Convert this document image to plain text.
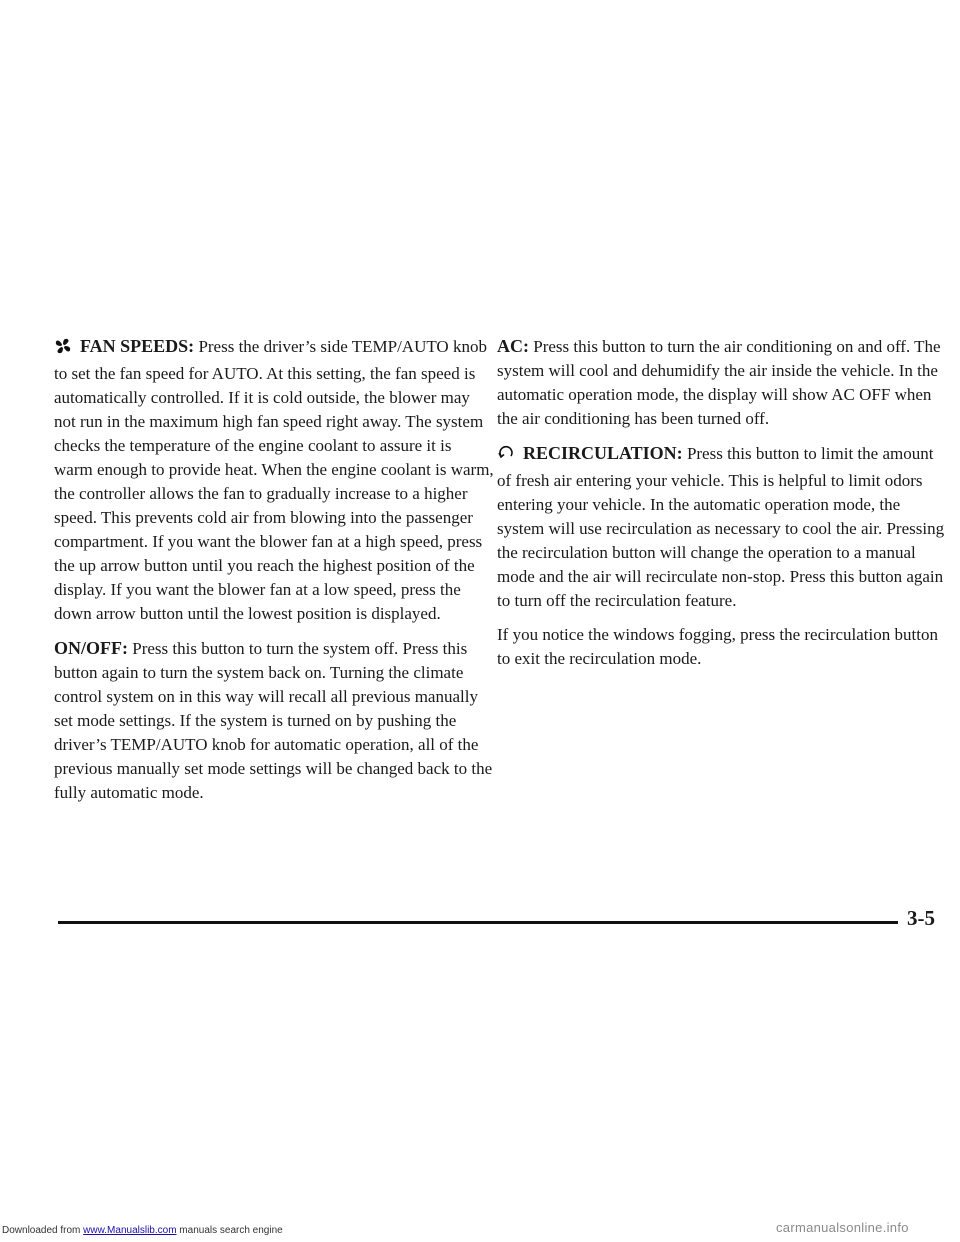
FAN SPEEDS: Press the driver’s side TEMP/AUTO knob to set the fan speed for AUTO. At this setting, the fan speed is automatically controlled. If it is cold outside, the blower may not run in the maximum high fan speed right away. The system checks the temperature of the engine coolant to assure it is warm enough to provide heat. When the engine coolant is warm, the controller allows the fan to gradually increase to a higher speed. This prevents cold air from blowing into the passenger compartment. If you want the blower fan at a high speed, press the up arrow button until you reach the highest position of the display. If you want the blower fan at a low speed, press the down arrow button until the lowest position is displayed.

ON/OFF: Press this button to turn the system off. Press this button again to turn the system back on. Turning the climate control system on in this way will recall all previous manually set mode settings. If the system is turned on by pushing the driver’s TEMP/AUTO knob for automatic operation, all of the previous manually set mode settings will be changed back to the fully automatic mode.

AC: Press this button to turn the air conditioning on and off. The system will cool and dehumidify the air inside the vehicle. In the automatic operation mode, the display will show AC OFF when the air conditioning has been turned off.

RECIRCULATION: Press this button to limit the amount of fresh air entering your vehicle. This is helpful to limit odors entering your vehicle. In the automatic operation mode, the system will use recirculation as necessary to cool the air. Pressing the recirculation button will change the operation to a manual mode and the air will recirculate non-stop. Press this button again to turn off the recirculation feature.

If you notice the windows fogging, press the recirculation button to exit the recirculation mode.

3-5
Downloaded from www.Manualslib.com manuals search engine	carmanualsonline.info
